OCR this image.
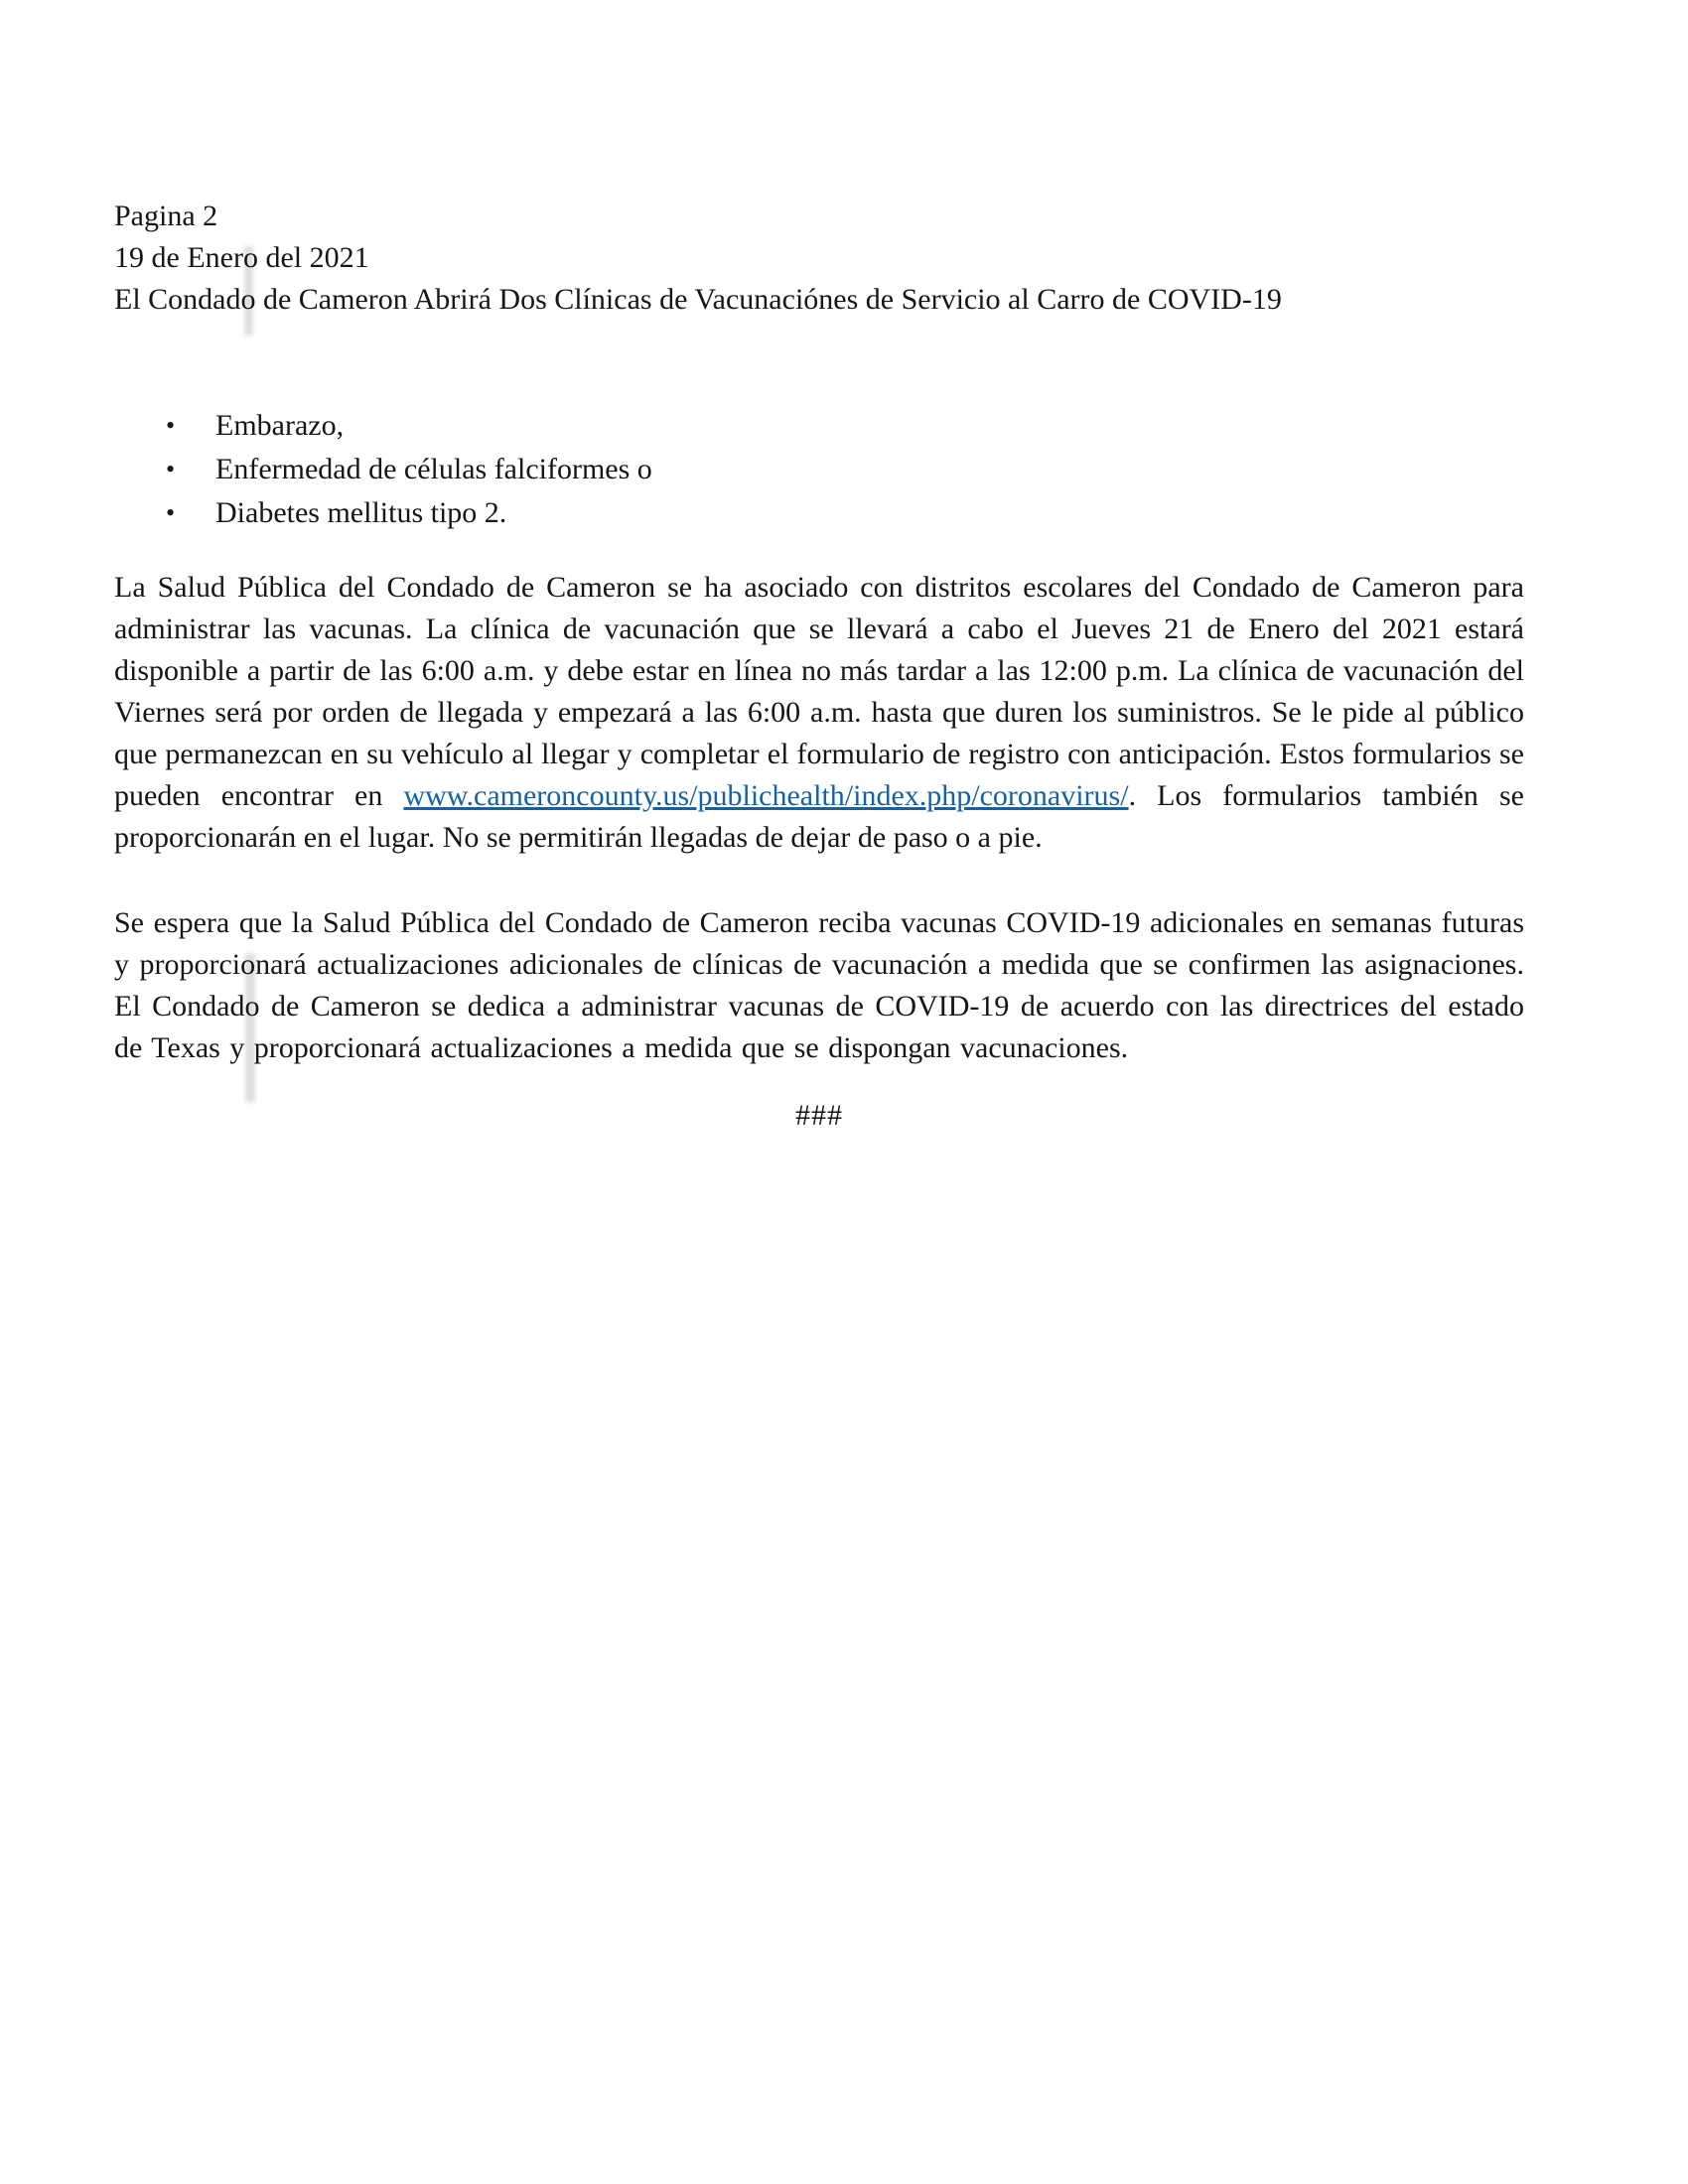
Pagina 2

19 de Enero del 2021

El Condado de Cameron Abrirá Dos Clínicas de Vacunaciónes de Servicio al Carro de COVID-19

• Embarazo,
• Enfermedad de células falciformes o
• Diabetes mellitus tipo 2.

La Salud Pública del Condado de Cameron se ha asociado con distritos escolares del Condado de Cameron para administrar las vacunas. La clínica de vacunación que se llevará a cabo el Jueves 21 de Enero del 2021 estará disponible a partir de las 6:00 a.m. y debe estar en línea no más tardar a las 12:00 p.m. La clínica de vacunación del Viernes será por orden de llegada y empezará a las 6:00 a.m. hasta que duren los suministros. Se le pide al público que permanezcan en su vehículo al llegar y completar el formulario de registro con anticipación. Estos formularios se pueden encontrar en www.cameroncounty.us/publichealth/index.php/coronavirus/. Los formularios también se proporcionarán en el lugar. No se permitirán llegadas de dejar de paso o a pie.

Se espera que la Salud Pública del Condado de Cameron reciba vacunas COVID-19 adicionales en semanas futuras y proporcionará actualizaciones adicionales de clínicas de vacunación a medida que se confirmen las asignaciones. El Condado de Cameron se dedica a administrar vacunas de COVID-19 de acuerdo con las directrices del estado de Texas y proporcionará actualizaciones a medida que se dispongan vacunaciones.

###
